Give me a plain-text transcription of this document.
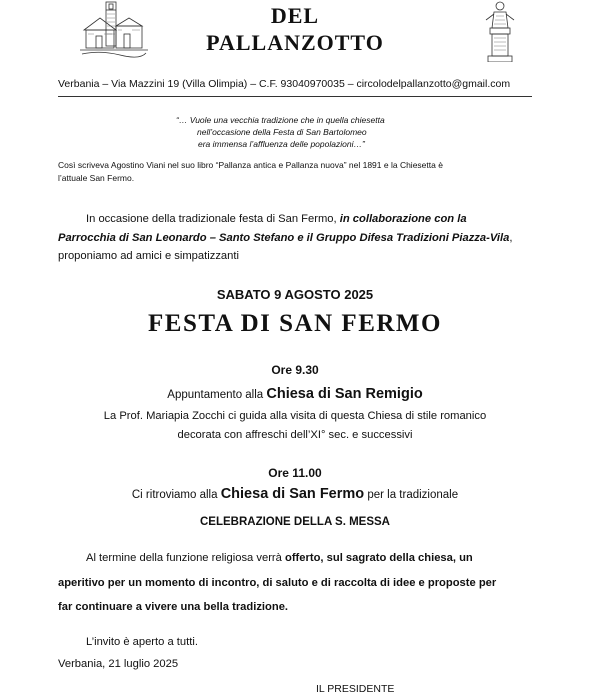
DEL
PALLANZOTTO
Verbania – Via Mazzini 19 (Villa Olimpia) – C.F. 93040970035 – circolodelpallanzotto@gmail.com
“… Vuole una vecchia tradizione che in quella chiesetta
nell’occasione della Festa di San Bartolomeo
era immensa l’affluenza delle popolazioni…”
Così scriveva Agostino Viani nel suo libro “Pallanza antica e Pallanza nuova” nel 1891 e la Chiesetta è
l’attuale San Fermo.
In occasione della tradizionale festa di San Fermo, in collaborazione con la
Parrocchia di San Leonardo – Santo Stefano e il Gruppo Difesa Tradizioni Piazza-Vila,
proponiamo ad amici e simpatizzanti
SABATO 9 AGOSTO 2025
FESTA DI SAN FERMO
Ore 9.30
Appuntamento alla Chiesa di San Remigio
La Prof. Mariapia Zocchi ci guida alla visita di questa Chiesa di stile romanico
decorata con affreschi dell’XI° sec. e successivi
Ore 11.00
Ci ritroviamo alla Chiesa di San Fermo per la tradizionale
CELEBRAZIONE DELLA S. MESSA
Al termine della funzione religiosa verrà offerto, sul sagrato della chiesa, un
aperitivo per un momento di incontro, di saluto e di raccolta di idee e proposte per
far continuare a vivere una bella tradizione.
L’invito è aperto a tutti.
Verbania, 21 luglio 2025
IL PRESIDENTE
